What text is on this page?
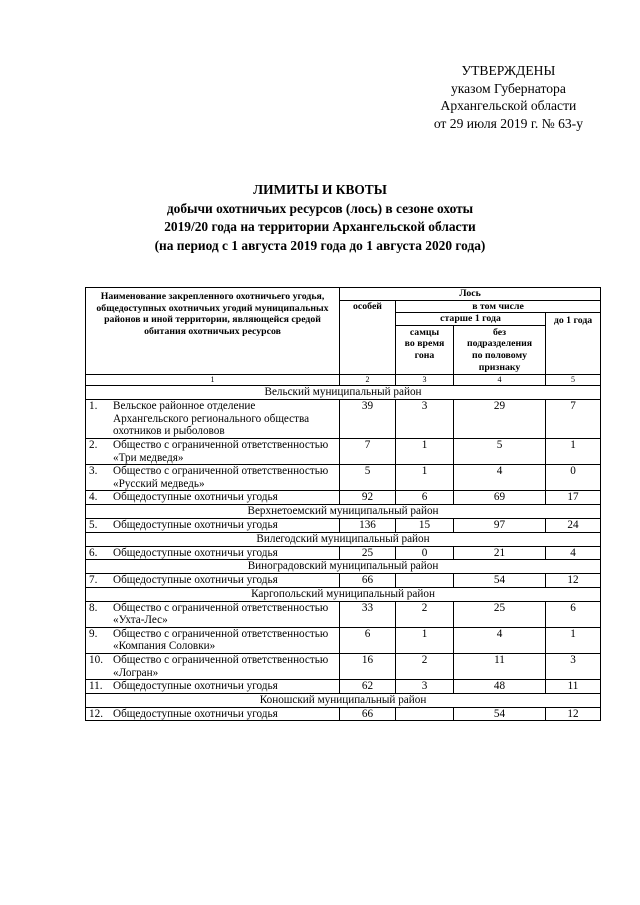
УТВЕРЖДЕНЫ
указом Губернатора
Архангельской области
от 29 июля 2019 г. № 63-у
ЛИМИТЫ И КВОТЫ
добычи охотничьих ресурсов (лось) в сезоне охоты
2019/20 года на территории Архангельской области
(на период с 1 августа 2019 года до 1 августа 2020 года)
Наименование закрепленного охотничьего угодья, общедоступных охотничьих угодий муниципальных районов и иной территории, являющейся средой обитания охотничьих ресурсов	Лось			
	особей	в том числе		
		старше 1 года		до 1 года
		самцы во время гона	без подразделения по половому признаку	
1	2	3	4	5
Вельский муниципальный район				
1. Вельское районное отделение Архангельского регионального общества охотников и рыболовов	39	3	29	7
2. Общество с ограниченной ответственностью «Три медведя»	7	1	5	1
3. Общество с ограниченной ответственностью «Русский медведь»	5	1	4	0
4. Общедоступные охотничьи угодья	92	6	69	17
Верхнетоемский муниципальный район				
5. Общедоступные охотничьи угодья	136	15	97	24
Вилегодский муниципальный район				
6. Общедоступные охотничьи угодья	25	0	21	4
Виноградовский муниципальный район				
7. Общедоступные охотничьи угодья	66		54	12
Каргопольский муниципальный район				
8. Общество с ограниченной ответственностью «Ухта-Лес»	33	2	25	6
9. Общество с ограниченной ответственностью «Компания Соловки»	6	1	4	1
10. Общество с ограниченной ответственностью «Логран»	16	2	11	3
11. Общедоступные охотничьи угодья	62	3	48	11
Коношский муниципальный район				
12. Общедоступные охотничьи угодья	66		54	12
